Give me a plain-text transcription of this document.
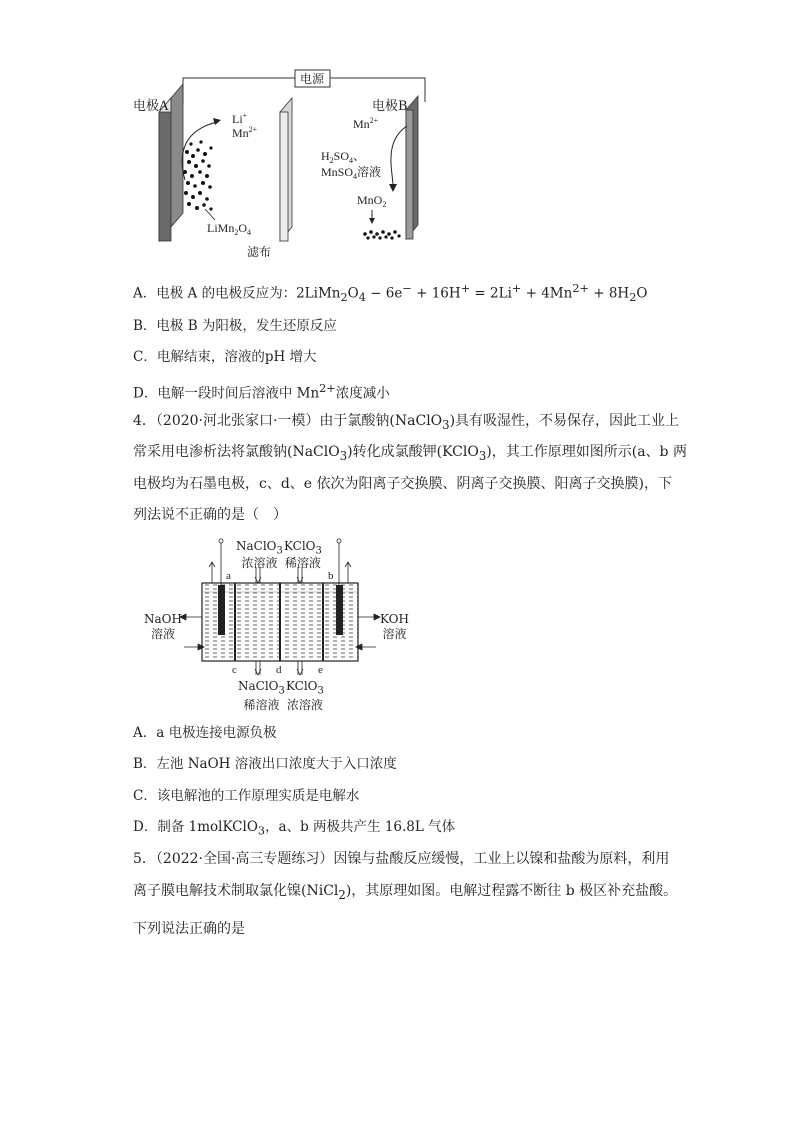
电源
Li+
$Mn^{2+}$
$LiMn_2O_4$
滤布
$Mn^{2+}$
$H_2SO_4$、
MnSO$_4$溶液
MnO$_2$
电极A	电极B
A．电极 A 的电极反应为：$2LiMn_2O_4 - 6e^- + 16H^+ = 2Li^+ + 4Mn^{2+} + 8H_2O$
B．电极 B 为阳极，发生还原反应
C．电解结束，溶液的pH 增大
D．电解一段时间后溶液中 $Mn^{2+}$浓度减小
4．（2020·河北张家口·一模）由于氯酸钠(NaClO$_3$)具有吸湿性，不易保存，因此工业上
常采用电渗析法将氯酸钠(NaClO$_3$)转化成氯酸钾(KClO$_3$)，其工作原理如图所示(a、b 两
电极均为石墨电极，c、d、e 依次为阳离子交换膜、阴离子交换膜、阳离子交换膜)，下
列法说不正确的是（　）
a	b
c	d	e
NaClO$_3$
浓溶液
KClO$_3$
稀溶液
NaOH
溶液
KOH
溶液
NaClO$_3$
稀溶液
KClO$_3$
浓溶液
A．a 电极连接电源负极
B．左池 NaOH 溶液出口浓度大于入口浓度
C．该电解池的工作原理实质是电解水
D．制备 1molKClO$_3$，a、b 两极共产生 16.8L 气体
5．（2022·全国·高三专题练习）因镍与盐酸反应缓慢，工业上以镍和盐酸为原料，利用
离子膜电解技术制取氯化镍(NiCl$_2$)，其原理如图。电解过程露不断往 b 极区补充盐酸。
下列说法正确的是
